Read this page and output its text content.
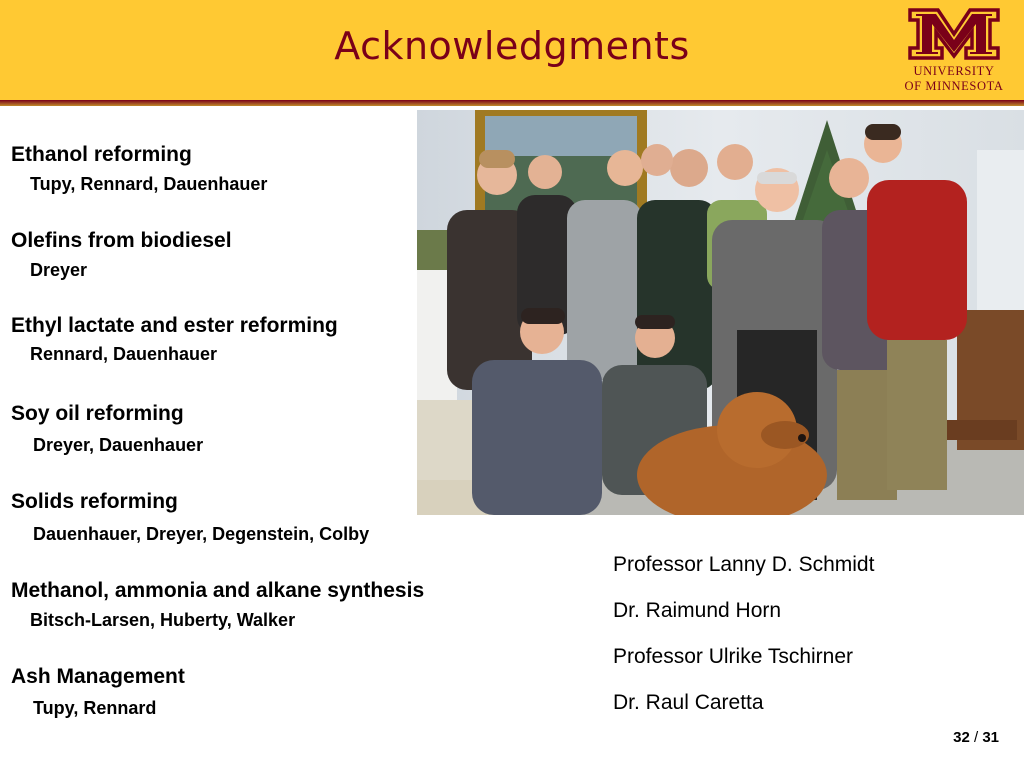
Acknowledgments
UNIVERSITY
OF MINNESOTA
Ethanol reforming
Tupy, Rennard, Dauenhauer
Olefins from biodiesel
Dreyer
Ethyl lactate and ester reforming
Rennard, Dauenhauer
Soy oil reforming
Dreyer, Dauenhauer
Solids reforming
Dauenhauer, Dreyer, Degenstein, Colby
Methanol, ammonia and alkane synthesis
Bitsch-Larsen, Huberty, Walker
Ash Management
Tupy, Rennard
Professor Lanny D. Schmidt
Dr. Raimund Horn
Professor Ulrike Tschirner
Dr. Raul Caretta
32 / 31
